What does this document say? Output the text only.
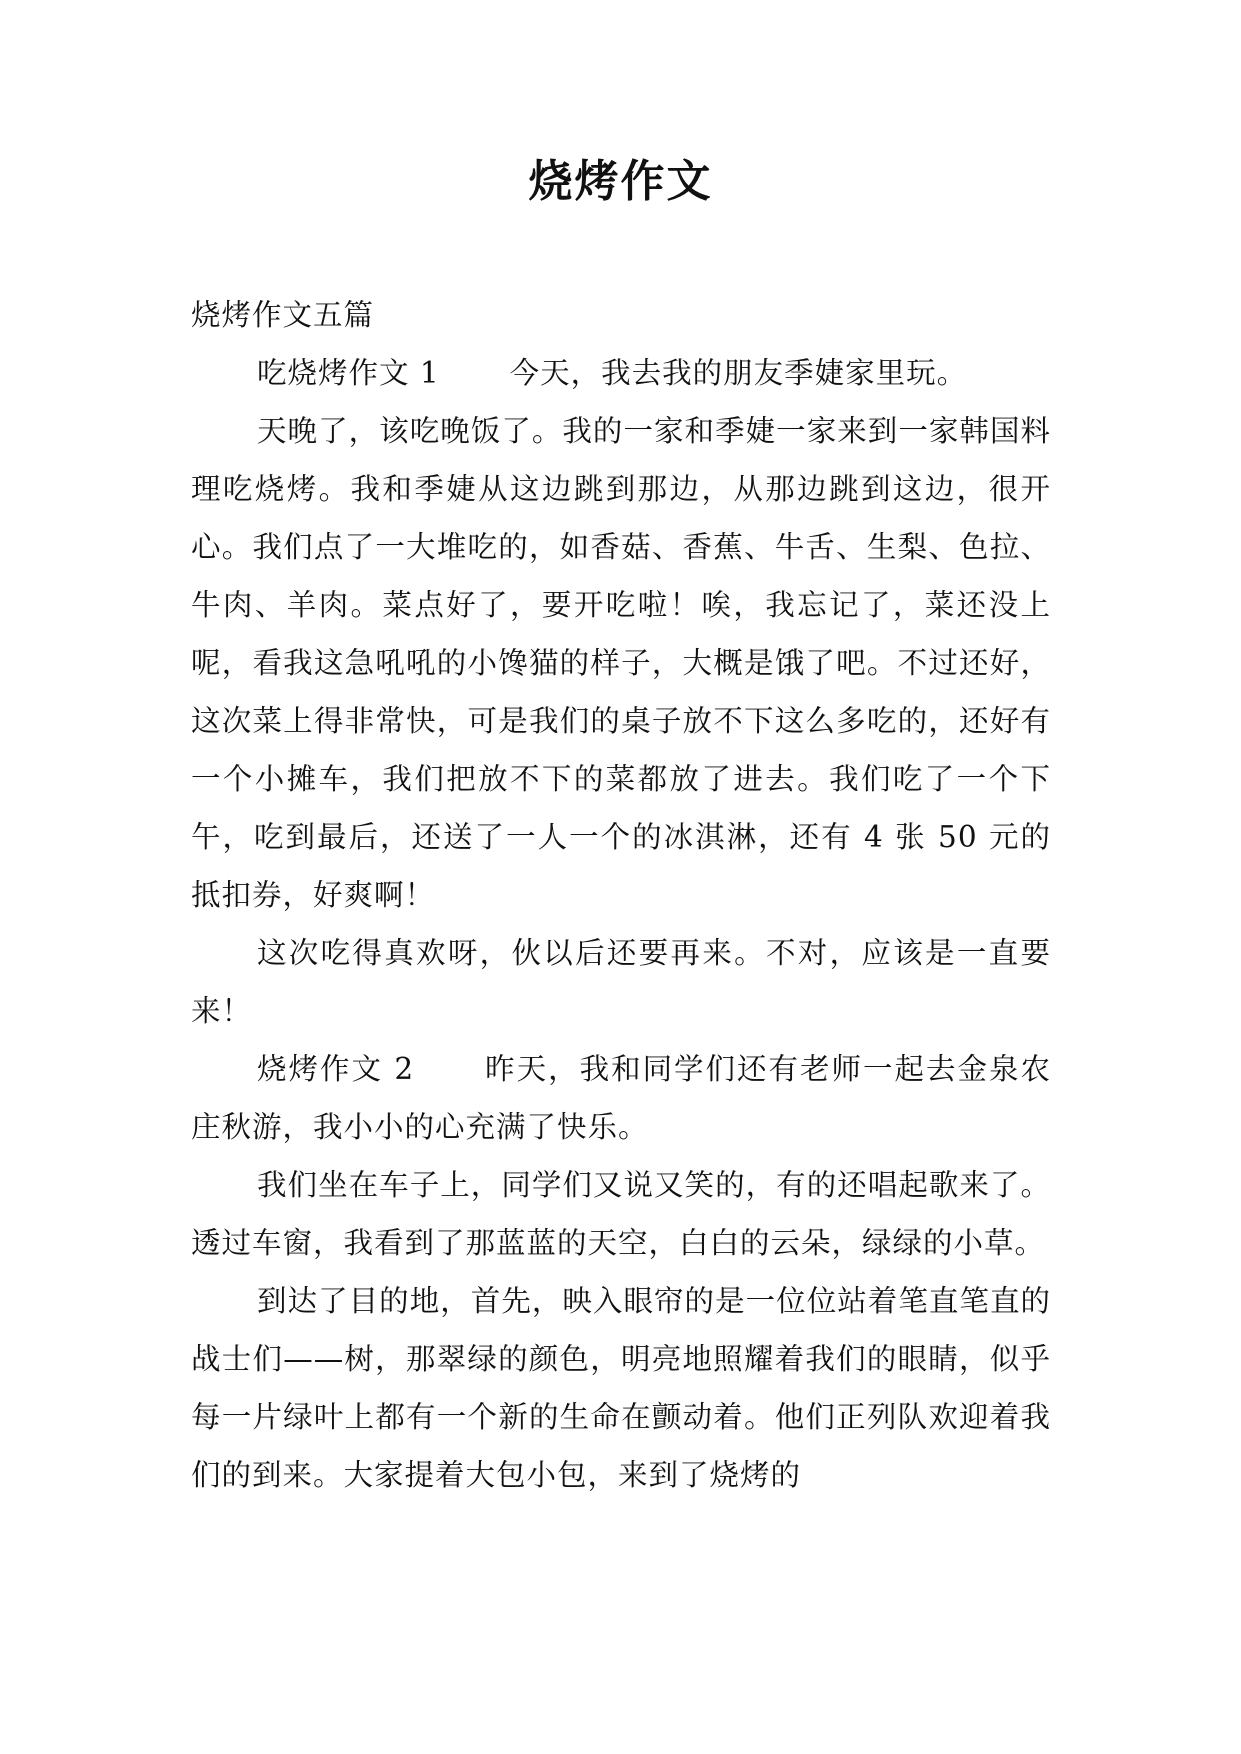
烧烤作文

烧烤作文五篇

吃烧烤作文 1 今天，我去我的朋友季婕家里玩。

天晚了，该吃晚饭了。我的一家和季婕一家来到一家韩国料理吃烧烤。我和季婕从这边跳到那边，从那边跳到这边，很开心。我们点了一大堆吃的，如香菇、香蕉、牛舌、生梨、色拉、牛肉、羊肉。菜点好了，要开吃啦！唉，我忘记了，菜还没上呢，看我这急吼吼的小馋猫的样子，大概是饿了吧。不过还好，这次菜上得非常快，可是我们的桌子放不下这么多吃的，还好有一个小摊车，我们把放不下的菜都放了进去。我们吃了一个下午，吃到最后，还送了一人一个的冰淇淋，还有 4 张 50 元的抵扣券，好爽啊！

这次吃得真欢呀，伙以后还要再来。不对，应该是一直要来！

烧烤作文 2 昨天，我和同学们还有老师一起去金泉农庄秋游，我小小的心充满了快乐。

我们坐在车子上，同学们又说又笑的，有的还唱起歌来了。透过车窗，我看到了那蓝蓝的天空，白白的云朵，绿绿的小草。

到达了目的地，首先，映入眼帘的是一位位站着笔直笔直的战士们——树，那翠绿的颜色，明亮地照耀着我们的眼睛，似乎每一片绿叶上都有一个新的生命在颤动着。他们正列队欢迎着我们的到来。大家提着大包小包，来到了烧烤的
